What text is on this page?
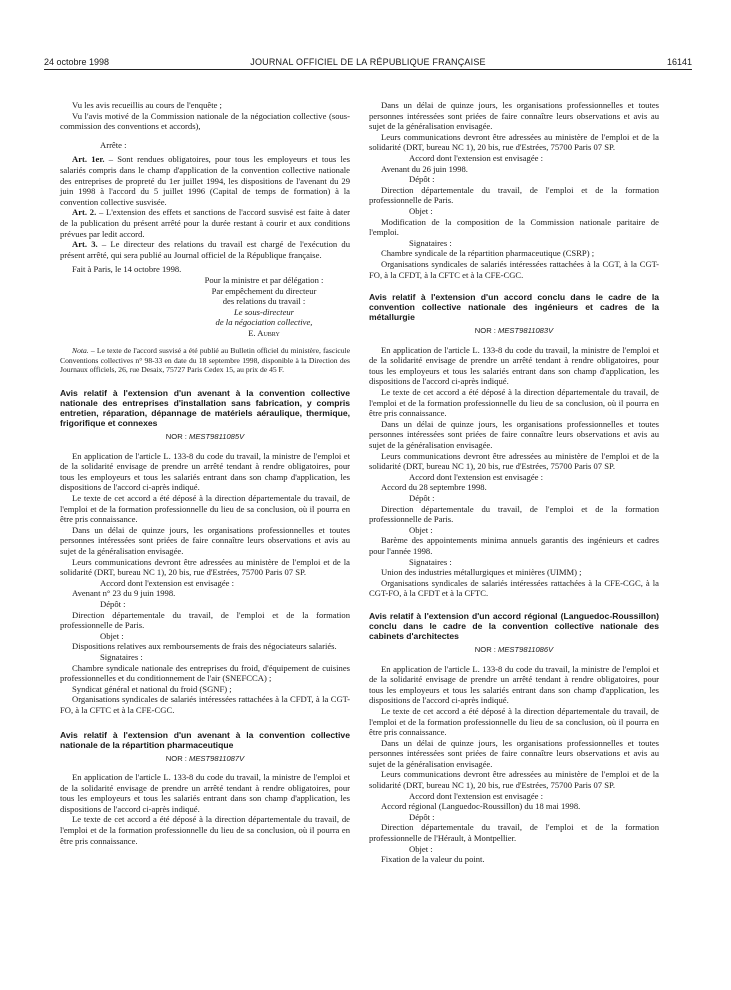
24 octobre 1998	JOURNAL OFFICIEL DE LA RÉPUBLIQUE FRANÇAISE	16141

Vu les avis recueillis au cours de l'enquête ;

Vu l'avis motivé de la Commission nationale de la négociation collective (sous-commission des conventions et accords),

Arrête :

Art. 1er. – Sont rendues obligatoires, pour tous les employeurs et tous les salariés compris dans le champ d'application de la convention collective nationale des entreprises de propreté du 1er juillet 1994, les dispositions de l'avenant du 29 juin 1998 à l'accord du 5 juillet 1996 (Capital de temps de formation) à la convention collective susvisée.

Art. 2. – L'extension des effets et sanctions de l'accord susvisé est faite à dater de la publication du présent arrêté pour la durée restant à courir et aux conditions prévues par ledit accord.

Art. 3. – Le directeur des relations du travail est chargé de l'exécution du présent arrêté, qui sera publié au Journal officiel de la République française.

Fait à Paris, le 14 octobre 1998.

Pour la ministre et par délégation :
Par empêchement du directeur
des relations du travail :
Le sous-directeur
de la négociation collective,
E. Aubry

Nota. – Le texte de l'accord susvisé a été publié au Bulletin officiel du ministère, fascicule Conventions collectives n° 98-33 en date du 18 septembre 1998, disponible à la Direction des Journaux officiels, 26, rue Desaix, 75727 Paris Cedex 15, au prix de 45 F.

Avis relatif à l'extension d'un avenant à la convention collective nationale des entreprises d'installation sans fabrication, y compris entretien, réparation, dépannage de matériels aéraulique, thermique, frigorifique et connexes
NOR : MEST9811085V

En application de l'article L. 133-8 du code du travail, la ministre de l'emploi et de la solidarité envisage de prendre un arrêté tendant à rendre obligatoires, pour tous les employeurs et tous les salariés entrant dans son champ d'application, les dispositions de l'accord ci-après indiqué.

Le texte de cet accord a été déposé à la direction départementale du travail, de l'emploi et de la formation professionnelle du lieu de sa conclusion, où il pourra en être pris connaissance.

Dans un délai de quinze jours, les organisations professionnelles et toutes personnes intéressées sont priées de faire connaître leurs observations et avis au sujet de la généralisation envisagée.

Leurs communications devront être adressées au ministère de l'emploi et de la solidarité (DRT, bureau NC 1), 20 bis, rue d'Estrées, 75700 Paris 07 SP.

Accord dont l'extension est envisagée :

Avenant n° 23 du 9 juin 1998.

Dépôt :

Direction départementale du travail, de l'emploi et de la formation professionnelle de Paris.

Objet :

Dispositions relatives aux remboursements de frais des négociateurs salariés.

Signataires :

Chambre syndicale nationale des entreprises du froid, d'équipement de cuisines professionnelles et du conditionnement de l'air (SNEFCCA) ;

Syndicat général et national du froid (SGNF) ;

Organisations syndicales de salariés intéressées rattachées à la CFDT, à la CGT-FO, à la CFTC et à la CFE-CGC.

Avis relatif à l'extension d'un avenant à la convention collective nationale de la répartition pharmaceutique
NOR : MEST9811087V

En application de l'article L. 133-8 du code du travail, la ministre de l'emploi et de la solidarité envisage de prendre un arrêté tendant à rendre obligatoires, pour tous les employeurs et tous les salariés entrant dans son champ d'application, les dispositions de l'accord ci-après indiqué.

Le texte de cet accord a été déposé à la direction départementale du travail, de l'emploi et de la formation professionnelle du lieu de sa conclusion, où il pourra en être pris connaissance.

Dans un délai de quinze jours, les organisations professionnelles et toutes personnes intéressées sont priées de faire connaître leurs observations et avis au sujet de la généralisation envisagée.

Leurs communications devront être adressées au ministère de l'emploi et de la solidarité (DRT, bureau NC 1), 20 bis, rue d'Estrées, 75700 Paris 07 SP.

Accord dont l'extension est envisagée :

Avenant du 26 juin 1998.

Dépôt :

Direction départementale du travail, de l'emploi et de la formation professionnelle de Paris.

Objet :

Modification de la composition de la Commission nationale paritaire de l'emploi.

Signataires :

Chambre syndicale de la répartition pharmaceutique (CSRP) ;

Organisations syndicales de salariés intéressées rattachées à la CGT, à la CGT-FO, à la CFDT, à la CFTC et à la CFE-CGC.

Avis relatif à l'extension d'un accord conclu dans le cadre de la convention collective nationale des ingénieurs et cadres de la métallurgie
NOR : MEST9811083V

En application de l'article L. 133-8 du code du travail, la ministre de l'emploi et de la solidarité envisage de prendre un arrêté tendant à rendre obligatoires, pour tous les employeurs et tous les salariés entrant dans son champ d'application, les dispositions de l'accord ci-après indiqué.

Le texte de cet accord a été déposé à la direction départementale du travail, de l'emploi et de la formation professionnelle du lieu de sa conclusion, où il pourra en être pris connaissance.

Dans un délai de quinze jours, les organisations professionnelles et toutes personnes intéressées sont priées de faire connaître leurs observations et avis au sujet de la généralisation envisagée.

Leurs communications devront être adressées au ministère de l'emploi et de la solidarité (DRT, bureau NC 1), 20 bis, rue d'Estrées, 75700 Paris 07 SP.

Accord dont l'extension est envisagée :

Accord du 28 septembre 1998.

Dépôt :

Direction départementale du travail, de l'emploi et de la formation professionnelle de Paris.

Objet :

Barème des appointements minima annuels garantis des ingénieurs et cadres pour l'année 1998.

Signataires :

Union des industries métallurgiques et minières (UIMM) ;

Organisations syndicales de salariés intéressées rattachées à la CFE-CGC, à la CGT-FO, à la CFDT et à la CFTC.

Avis relatif à l'extension d'un accord régional (Languedoc-Roussillon) conclu dans le cadre de la convention collective nationale des cabinets d'architectes
NOR : MEST9811086V

En application de l'article L. 133-8 du code du travail, la ministre de l'emploi et de la solidarité envisage de prendre un arrêté tendant à rendre obligatoires, pour tous les employeurs et tous les salariés entrant dans son champ d'application, les dispositions de l'accord ci-après indiqué.

Le texte de cet accord a été déposé à la direction départementale du travail, de l'emploi et de la formation professionnelle du lieu de sa conclusion, où il pourra en être pris connaissance.

Dans un délai de quinze jours, les organisations professionnelles et toutes personnes intéressées sont priées de faire connaître leurs observations et avis au sujet de la généralisation envisagée.

Leurs communications devront être adressées au ministère de l'emploi et de la solidarité (DRT, bureau NC 1), 20 bis, rue d'Estrées, 75700 Paris 07 SP.

Accord dont l'extension est envisagée :

Accord régional (Languedoc-Roussillon) du 18 mai 1998.

Dépôt :

Direction départementale du travail, de l'emploi et de la formation professionnelle de l'Hérault, à Montpellier.

Objet :

Fixation de la valeur du point.
